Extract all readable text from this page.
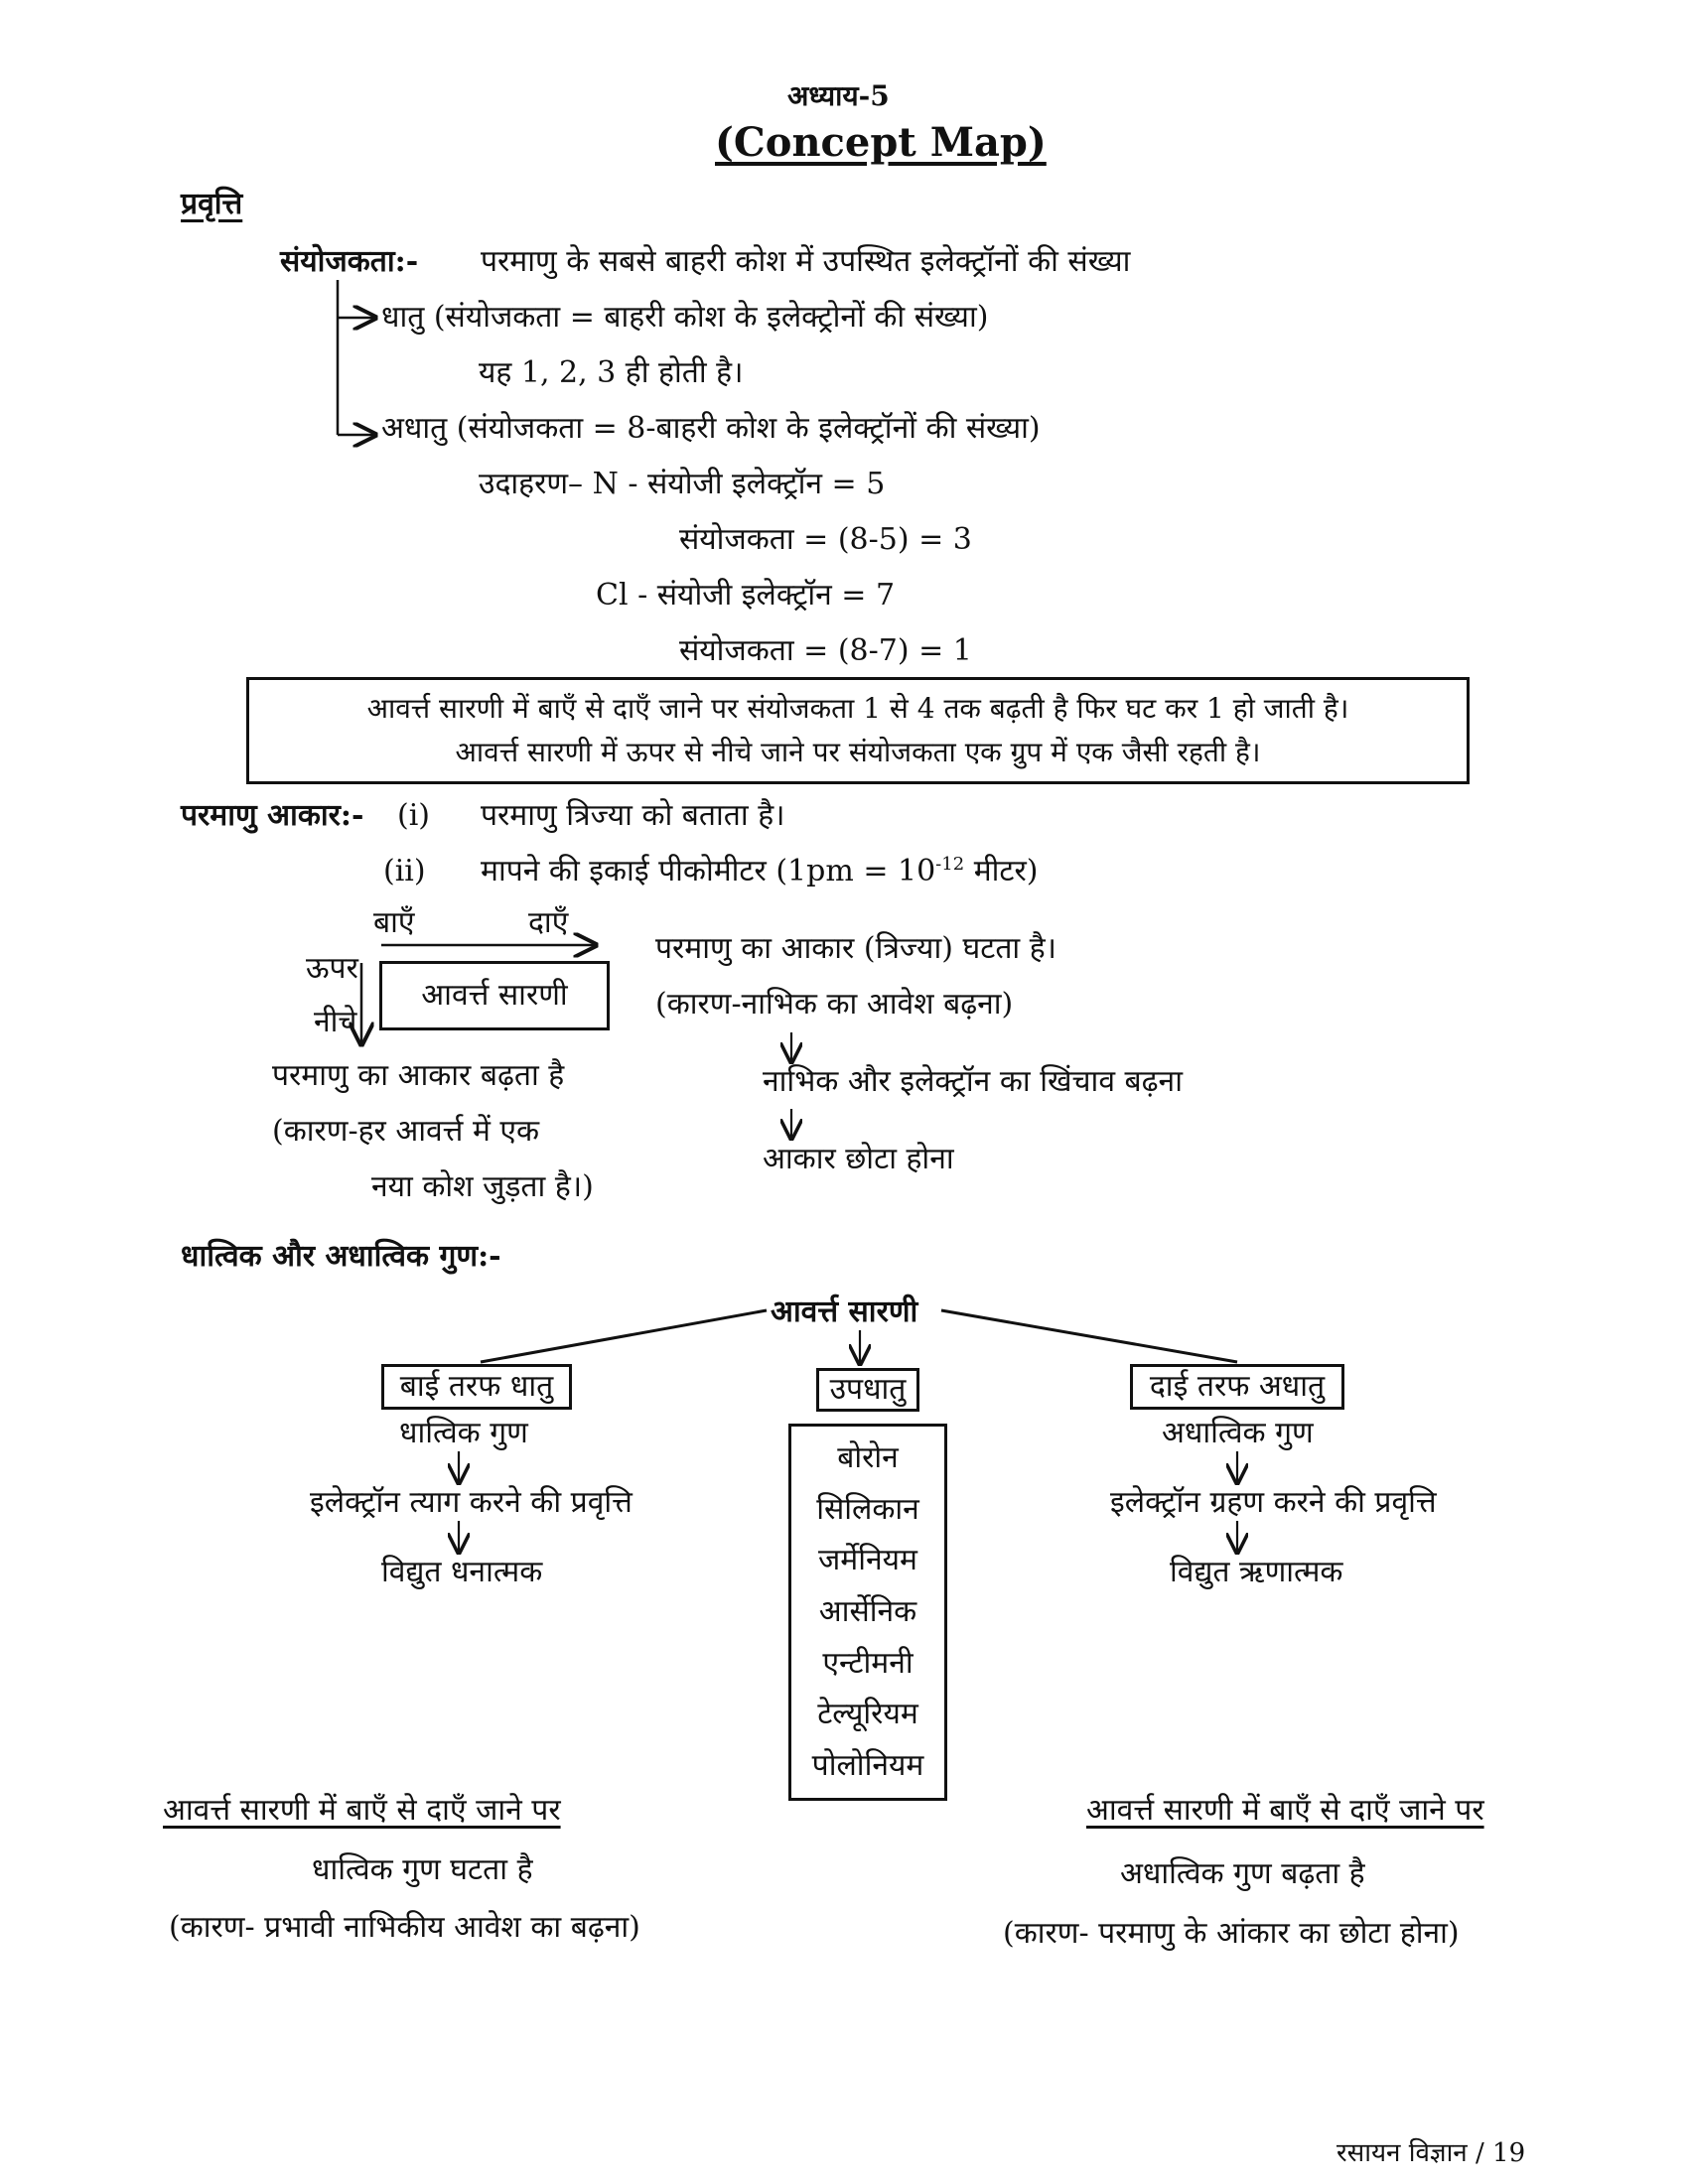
अध्याय-5
(Concept Map)
प्रवृत्ति
संयोजकता:- परमाणु के सबसे बाहरी कोश में उपस्थित इलेक्ट्रॉनों की संख्या
धातु (संयोजकता = बाहरी कोश के इलेक्ट्रोनों की संख्या)
यह 1, 2, 3 ही होती है।
अधातु (संयोजकता = 8-बाहरी कोश के इलेक्ट्रॉनों की संख्या)
उदाहरण– N - संयोजी इलेक्ट्रॉन = 5
संयोजकता = (8-5) = 3
Cl - संयोजी इलेक्ट्रॉन = 7
संयोजकता = (8-7) = 1
आवर्त्त सारणी में बाएँ से दाएँ जाने पर संयोजकता 1 से 4 तक बढ़ती है फिर घट कर 1 हो जाती है।
आवर्त्त सारणी में ऊपर से नीचे जाने पर संयोजकता एक ग्रुप में एक जैसी रहती है।
परमाणु आकार:- (i) परमाणु त्रिज्या को बताता है।
(ii) मापने की इकाई पीकोमीटर ($1pm = 10^{-12}$ मीटर)
बाएँ	दाएँ
ऊपर
नीचे
आवर्त्त सारणी
परमाणु का आकार (त्रिज्या) घटता है।
(कारण-नाभिक का आवेश बढ़ना)
नाभिक और इलेक्ट्रॉन का खिंचाव बढ़ना
आकार छोटा होना
परमाणु का आकार बढ़ता है
(कारण-हर आवर्त्त में एक
नया कोश जुड़ता है।)
धात्विक और अधात्विक गुण:-
आवर्त्त सारणी
बाई तरफ धातु	उपधातु	दाई तरफ अधातु
धात्विक गुण
इलेक्ट्रॉन त्याग करने की प्रवृत्ति
विद्युत धनात्मक
अधात्विक गुण
इलेक्ट्रॉन ग्रहण करने की प्रवृत्ति
विद्युत ऋणात्मक
बोरोन
सिलिकान
जर्मेनियम
आर्सेनिक
एन्टीमनी
टेल्यूरियम
पोलोनियम
आवर्त्त सारणी में बाएँ से दाएँ जाने पर
धात्विक गुण घटता है
(कारण- प्रभावी नाभिकीय आवेश का बढ़ना)
आवर्त्त सारणी में बाएँ से दाएँ जाने पर
अधात्विक गुण बढ़ता है
(कारण- परमाणु के आंकार का छोटा होना)
रसायन विज्ञान / 19
